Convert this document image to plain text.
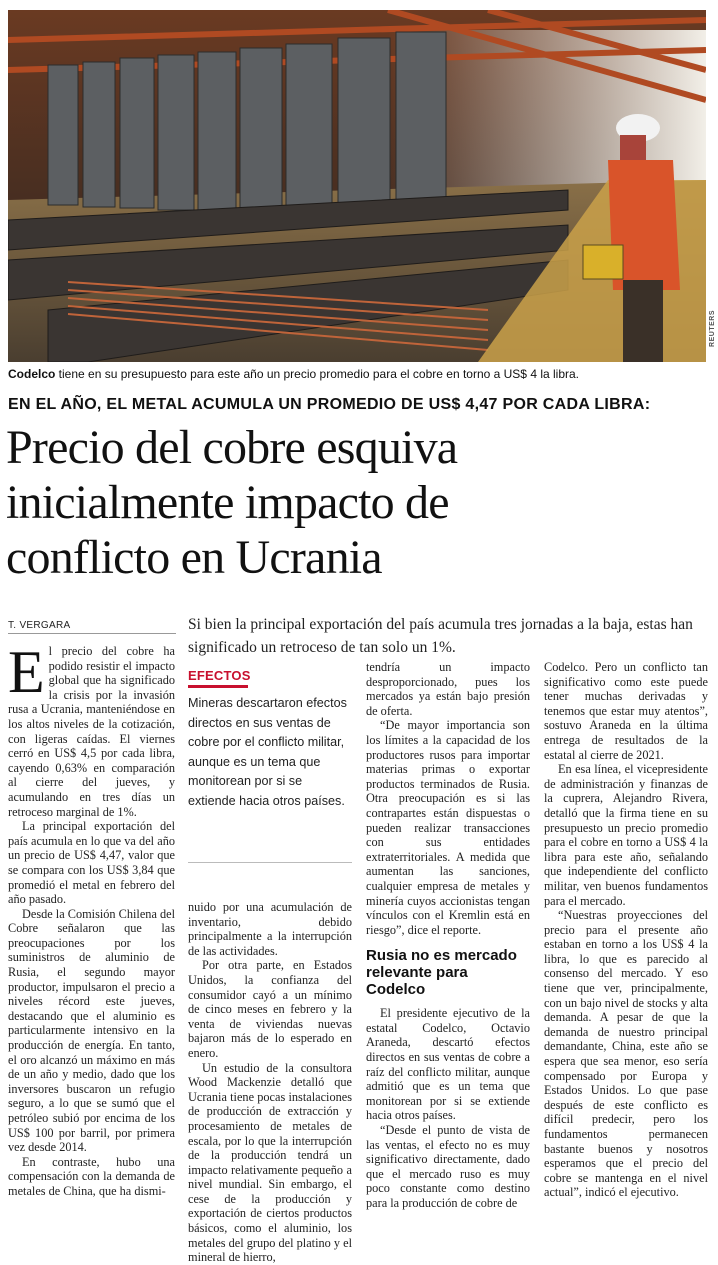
REUTERS
Codelco tiene en su presupuesto para este año un precio promedio para el cobre en torno a US$ 4 la libra.
EN EL AÑO, EL METAL ACUMULA UN PROMEDIO DE US$ 4,47 POR CADA LIBRA:
Precio del cobre esquiva
inicialmente impacto de
conflicto en Ucrania
T. VERGARA	Si bien la principal exportación del país acumula tres jornadas a la baja, estas han significado un retroceso de tan solo un 1%.

El precio del cobre ha podido resistir el impacto global que ha significado la crisis por la invasión rusa a Ucrania, manteniéndose en los altos niveles de la cotización, con ligeras caídas. El viernes cerró en US$ 4,5 por cada libra, cayendo 0,63% en comparación al cierre del jueves, y acumulando en tres días un retroceso marginal de 1%.

La principal exportación del país acumula en lo que va del año un precio de US$ 4,47, valor que se compara con los US$ 3,84 que promedió el metal en febrero del año pasado.

Desde la Comisión Chilena del Cobre señalaron que las preocupaciones por los suministros de aluminio de Rusia, el segundo mayor productor, impulsaron el precio a niveles récord este jueves, destacando que el aluminio es particularmente intensivo en la producción de energía. En tanto, el oro alcanzó un máximo en más de un año y medio, dado que los inversores buscaron un refugio seguro, a lo que se sumó que el petróleo subió por encima de los US$ 100 por barril, por primera vez desde 2014.

En contraste, hubo una compensación con la demanda de metales de China, que ha dismi-

EFECTOS
Mineras descartaron efectos directos en sus ventas de cobre por el conflicto militar, aunque es un tema que monitorean por si se extiende hacia otros países.

nuido por una acumulación de inventario, debido principalmente a la interrupción de las actividades.

Por otra parte, en Estados Unidos, la confianza del consumidor cayó a un mínimo de cinco meses en febrero y la venta de viviendas nuevas bajaron más de lo esperado en enero.

Un estudio de la consultora Wood Mackenzie detalló que Ucrania tiene pocas instalaciones de producción de extracción y procesamiento de metales de escala, por lo que la interrupción de la producción tendrá un impacto relativamente pequeño a nivel mundial. Sin embargo, el cese de la producción y exportación de ciertos productos básicos, como el aluminio, los metales del grupo del platino y el mineral de hierro,

tendría un impacto desproporcionado, pues los mercados ya están bajo presión de oferta.

“De mayor importancia son los límites a la capacidad de los productores rusos para importar materias primas o exportar productos terminados de Rusia. Otra preocupación es si las contrapartes están dispuestas o pueden realizar transacciones con sus entidades extraterritoriales. A medida que aumentan las sanciones, cualquier empresa de metales y minería cuyos accionistas tengan vínculos con el Kremlin está en riesgo”, dice el reporte.

Rusia no es mercado relevante para Codelco

El presidente ejecutivo de la estatal Codelco, Octavio Araneda, descartó efectos directos en sus ventas de cobre a raíz del conflicto militar, aunque admitió que es un tema que monitorean por si se extiende hacia otros países.

“Desde el punto de vista de las ventas, el efecto no es muy significativo directamente, dado que el mercado ruso es muy poco constante como destino para la producción de cobre de

Codelco. Pero un conflicto tan significativo como este puede tener muchas derivadas y tenemos que estar muy atentos”, sostuvo Araneda en la última entrega de resultados de la estatal al cierre de 2021.

En esa línea, el vicepresidente de administración y finanzas de la cuprera, Alejandro Rivera, detalló que la firma tiene en su presupuesto un precio promedio para el cobre en torno a US$ 4 la libra para este año, señalando que independiente del conflicto militar, ven buenos fundamentos para el mercado.

“Nuestras proyecciones del precio para el presente año estaban en torno a los US$ 4 la libra, lo que es parecido al consenso del mercado. Y eso tiene que ver, principalmente, con un bajo nivel de stocks y alta demanda. A pesar de que la demanda de nuestro principal demandante, China, este año se espera que sea menor, eso sería compensado por Europa y Estados Unidos. Lo que pase después de este conflicto es difícil predecir, pero los fundamentos permanecen bastante buenos y nosotros esperamos que el precio del cobre se mantenga en el nivel actual”, indicó el ejecutivo.
